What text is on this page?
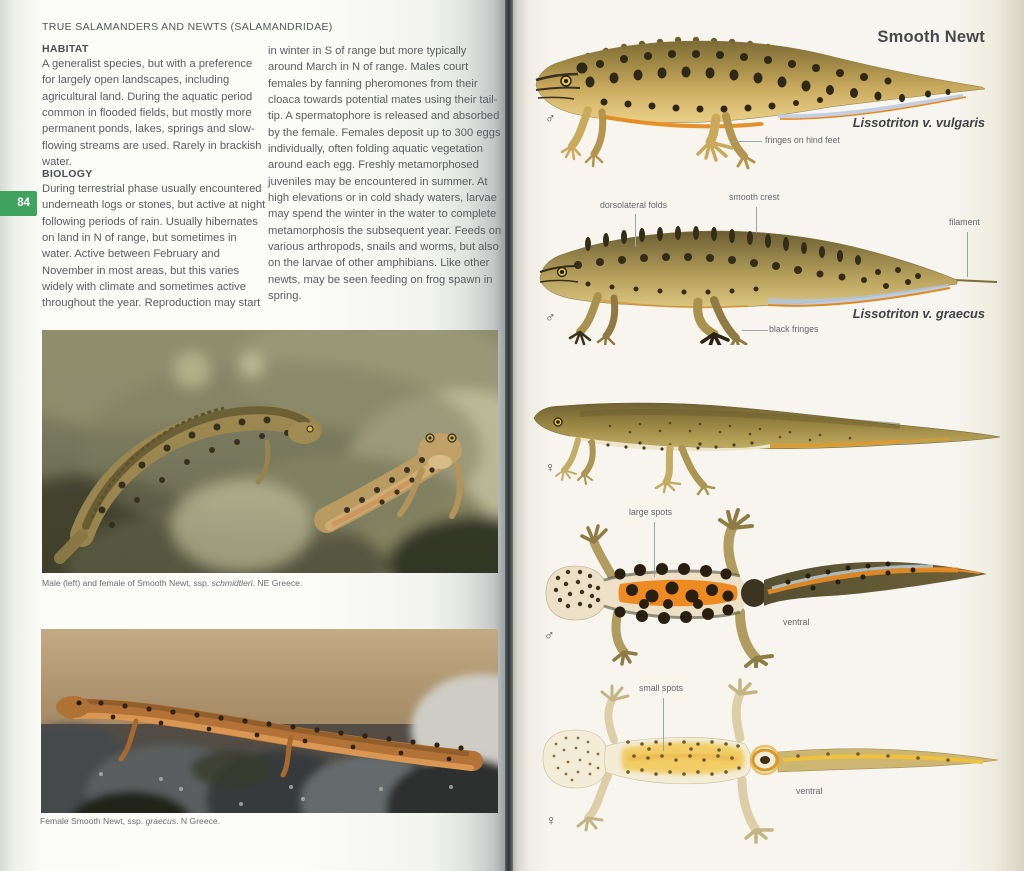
84
TRUE SALAMANDERS AND NEWTS (SALAMANDRIDAE)
HABITAT
A generalist species, but with a preference for largely open landscapes, including agricultural land. During the aquatic period common in flooded fields, but mostly more permanent ponds, lakes, springs and slow-flowing streams are used. Rarely in brackish water.
BIOLOGY
During terrestrial phase usually encountered underneath logs or stones, but active at night following periods of rain. Usually hibernates on land in N of range, but sometimes in water. Active between February and November in most areas, but this varies widely with climate and sometimes active throughout the year. Reproduction may start
in winter in S of range but more typically around March in N of range. Males court females by fanning pheromones from their cloaca towards potential mates using their tail-tip. A spermatophore is released and absorbed by the female. Females deposit up to 300 eggs individually, often folding aquatic vegetation around each egg. Freshly metamorphosed juveniles may be encountered in summer. At high elevations or in cold shady waters, larvae may spend the winter in the water to complete metamorphosis the subsequent year. Feeds on various arthropods, snails and worms, but also on the larvae of other amphibians. Like other newts, may be seen feeding on frog spawn in spring.
Male (left) and female of Smooth Newt, ssp. schmidtleri. NE Greece.
Female Smooth Newt, ssp. graecus. N Greece.
Smooth Newt
fringes on hind feet
dorsolateral folds
smooth crest
filament
black fringes
large spots
ventral
small spots
ventral
♂
♂
♀
♂
♀
Lissotriton v. vulgaris
Lissotriton v. graecus
